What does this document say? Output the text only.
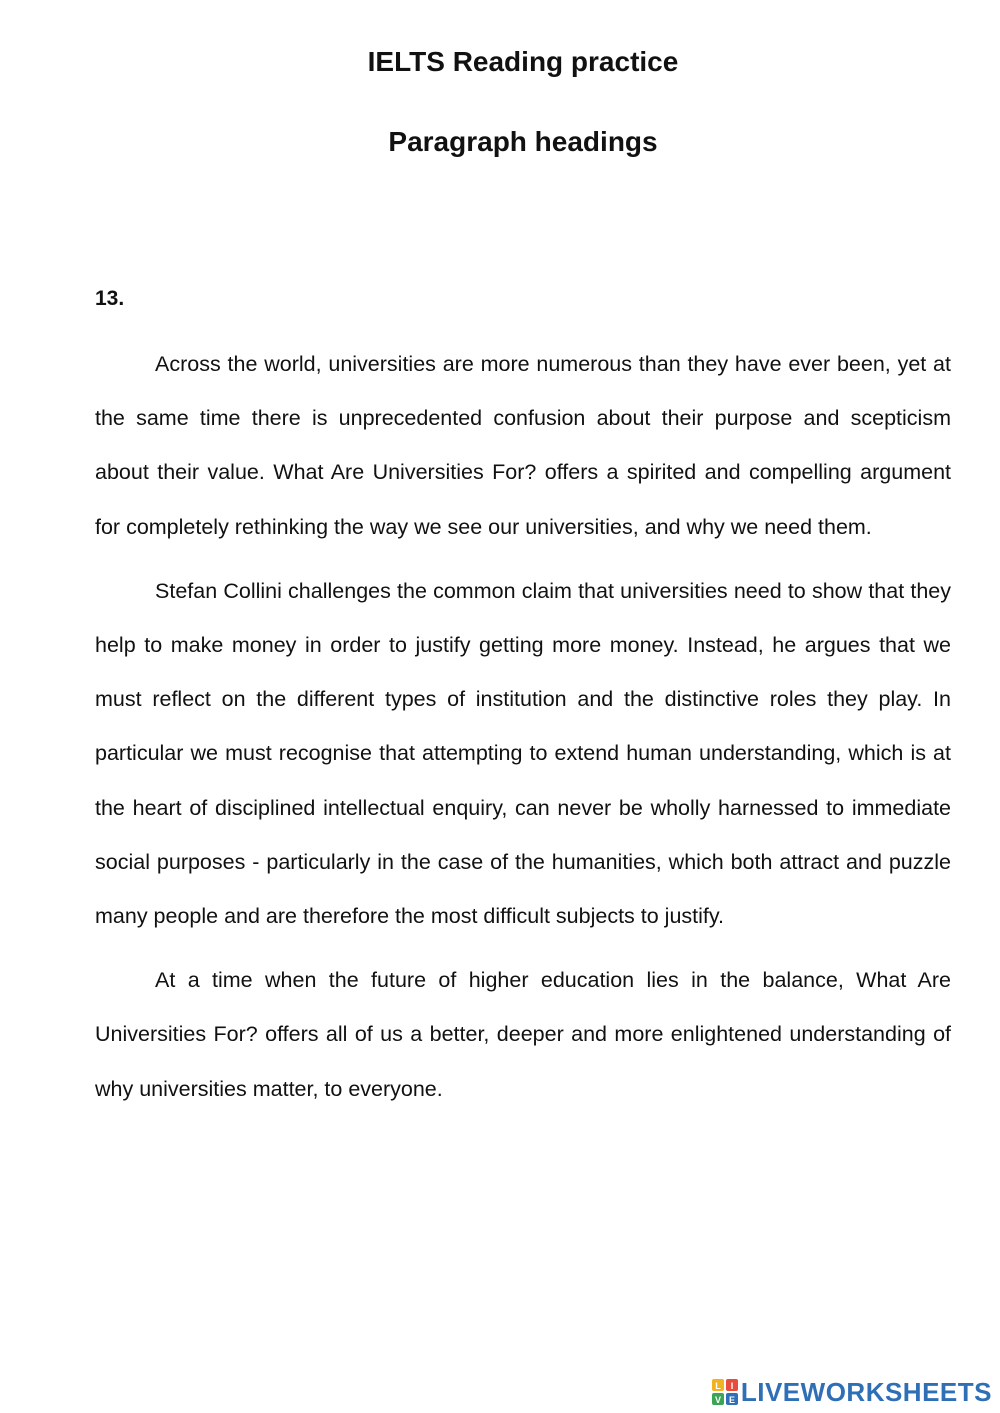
IELTS Reading practice
Paragraph headings

13.

Across the world, universities are more numerous than they have ever been, yet at the same time there is unprecedented confusion about their purpose and scepticism about their value. What Are Universities For? offers a spirited and compelling argument for completely rethinking the way we see our universities, and why we need them.

Stefan Collini challenges the common claim that universities need to show that they help to make money in order to justify getting more money. Instead, he argues that we must reflect on the different types of institution and the distinctive roles they play. In particular we must recognise that attempting to extend human understanding, which is at the heart of disciplined intellectual enquiry, can never be wholly harnessed to immediate social purposes - particularly in the case of the humanities, which both attract and puzzle many people and are therefore the most difficult subjects to justify.

At a time when the future of higher education lies in the balance, What Are Universities For? offers all of us a better, deeper and more enlightened understanding of why universities matter, to everyone.

L I
V E LIVEWORKSHEETS
